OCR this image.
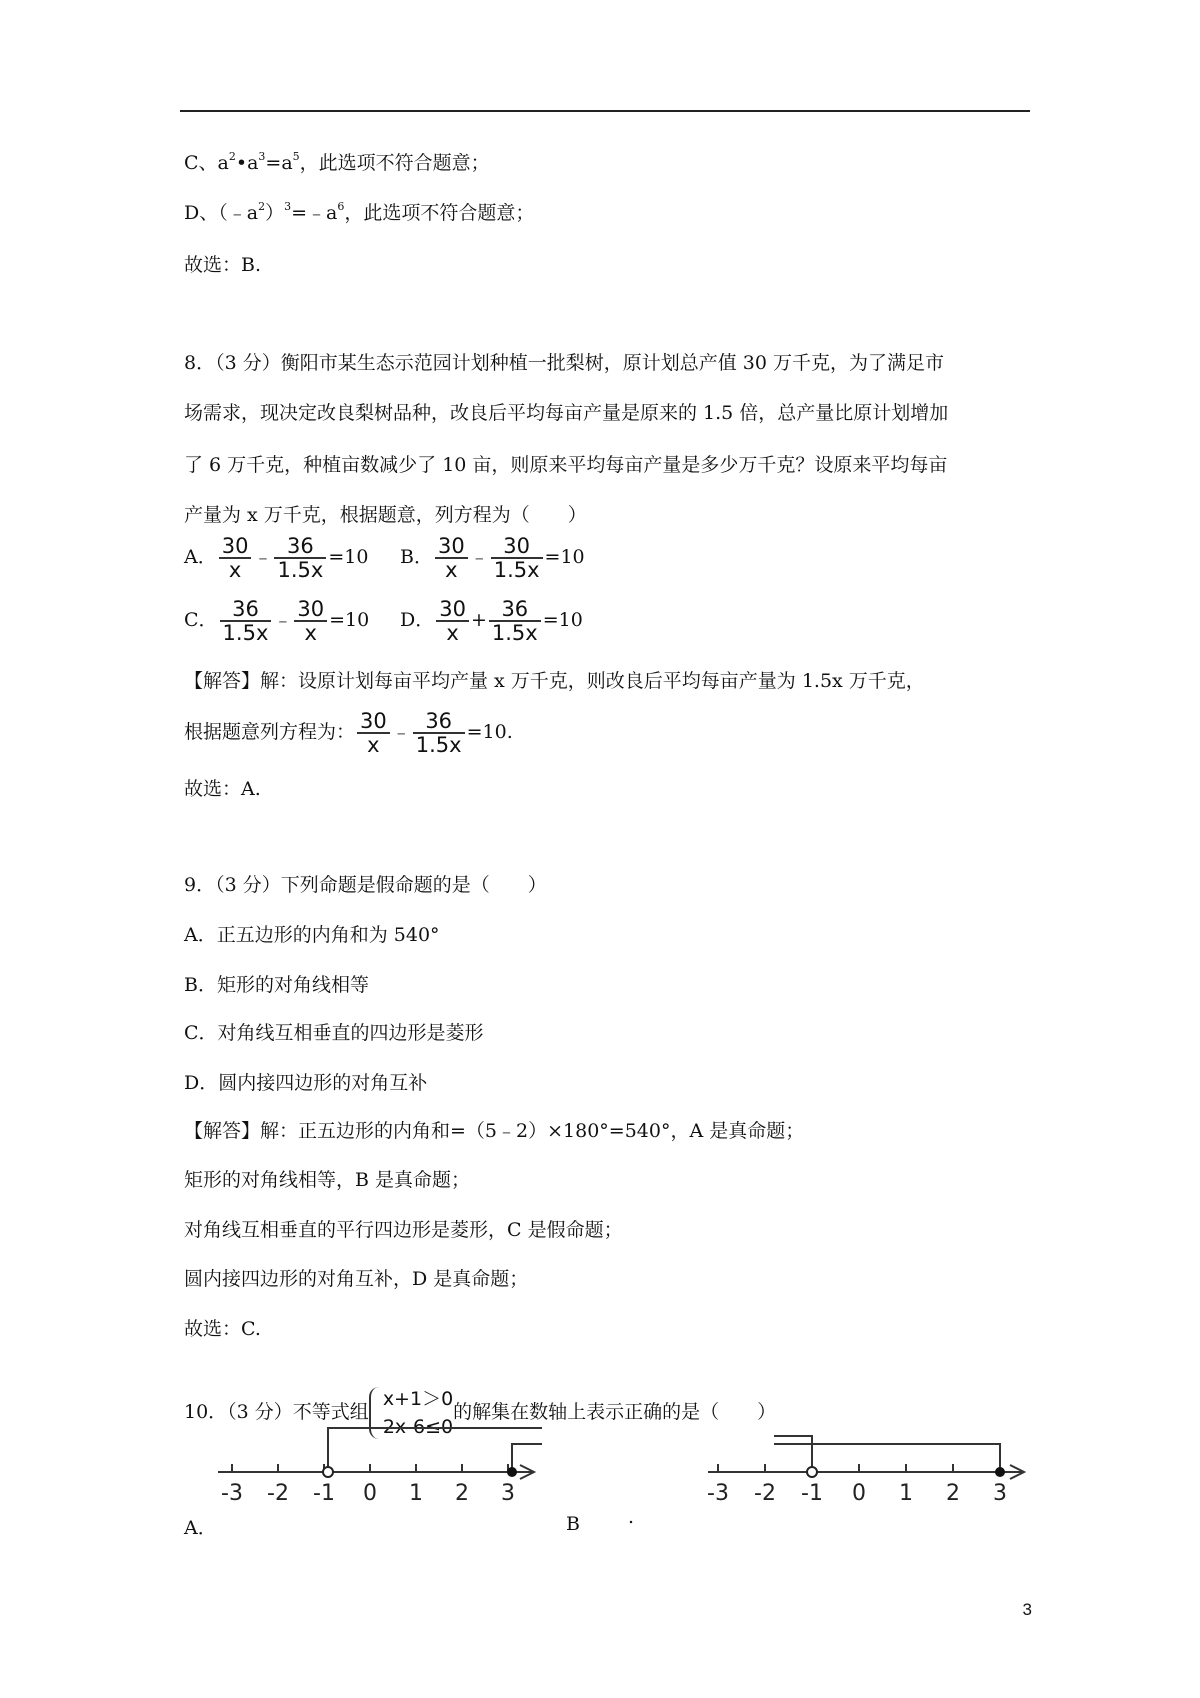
C、$a^2•a^3=a^5$，此选项不符合题意；
D、$(﹣a^2)^3=﹣a^6$，此选项不符合题意；
故选：B.
8．（3 分）衡阳市某生态示范园计划种植一批梨树，原计划总产值 30 万千克，为了满足市
场需求，现决定改良梨树品种，改良后平均每亩产量是原来的 1.5 倍，总产量比原计划增加
了 6 万千克，种植亩数减少了 10 亩，则原来平均每亩产量是多少万千克？设原来平均每亩
产量为 x 万千克，根据题意，列方程为（　　）
A． $\frac{30}{x}$ ﹣ $\frac{36}{1.5x} =10$ B． $\frac{30}{x}$ ﹣ $\frac{30}{1.5x} =10$
C． $\frac{36}{1.5x}$ ﹣ $\frac{30}{x} =10$ D． $\frac{30}{x} + \frac{36}{1.5x} =10$
【解答】解：设原计划每亩平均产量 x 万千克，则改良后平均每亩产量为 1.5x 万千克，
根据题意列方程为： $\frac{30}{x}$ ﹣ $\frac{36}{1.5x} =10$.
故选：A.
9．（3 分）下列命题是假命题的是（　　）
A．正五边形的内角和为 540°
B．矩形的对角线相等
C．对角线互相垂直的四边形是菱形
D．圆内接四边形的对角互补
【解答】解：正五边形的内角和=（5﹣2）×180°=540°，A 是真命题；
矩形的对角线相等，B 是真命题；
对角线互相垂直的平行四边形是菱形，C 是假命题；
圆内接四边形的对角互补，D 是真命题；
故选：C.
10．（3 分）不等式组
x+1＞0
2x-6≤0
的解集在数轴上表示正确的是（　　）
A．
-3 -2 -1 0 1 2 3
B	.
-3 -2 -1 0 1 2 3
3
